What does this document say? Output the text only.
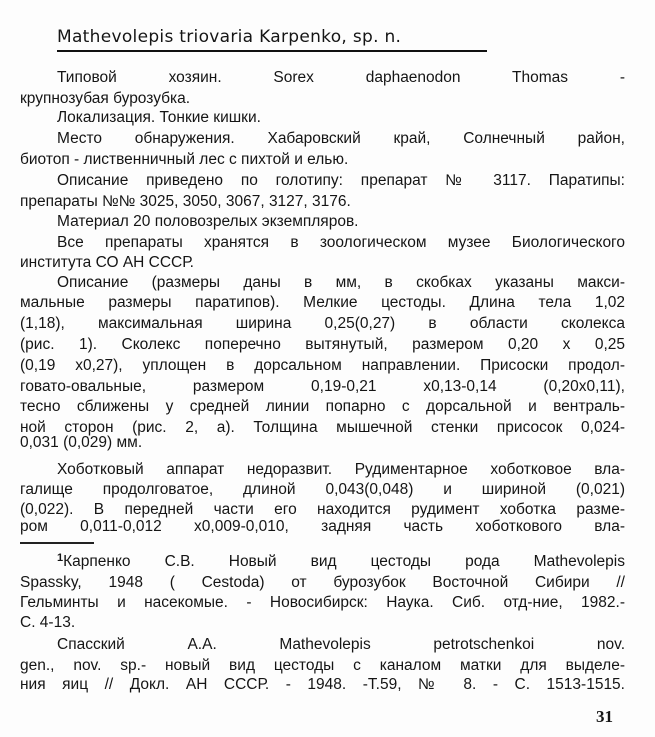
Mathevolepis triovaria Karpenko, sp. n.
Типовой хозяин. Sorex daphaenodon Thomas -
крупнозубая бурозубка.
Локализация. Тонкие кишки.
Место обнаружения. Хабаровский край, Солнечный район,
биотоп - лиственничный лес с пихтой и елью.
Описание приведено по голотипу: препарат № 3117. Паратипы:
препараты №№ 3025, 3050, 3067, 3127, 3176.
Материал 20 половозрелых экземпляров.
Все препараты хранятся в зоологическом музее Биологического
института СО АН СССР.
Описание (размеры даны в мм, в скобках указаны макси-
мальные размеры паратипов). Мелкие цестоды. Длина тела 1,02
(1,18), максимальная ширина 0,25(0,27) в области сколекса
(рис. 1). Сколекс поперечно вытянутый, размером 0,20 x 0,25
(0,19 x0,27), уплощен в дорсальном направлении. Присоски продол-
говато-овальные, размером 0,19-0,21 x0,13-0,14 (0,20x0,11),
тесно сближены у средней линии попарно с дорсальной и вентраль-
ной сторон (рис. 2, а). Толщина мышечной стенки присосок 0,024-
0,031 (0,029) мм.
Хоботковый аппарат недоразвит. Рудиментарное хоботковое вла-
галище продолговатое, длиной 0,043(0,048) и шириной (0,021)
(0,022). В передней части его находится рудимент хоботка разме-
ром 0,011-0,012 x0,009-0,010, задняя часть хоботкового вла-
$^1$Карпенко С.В. Новый вид цестоды рода Mathevolepis
Spassky, 1948 ( Cestoda) от бурозубок Восточной Сибири //
Гельминты и насекомые. - Новосибирск: Наука. Сиб. отд-ние, 1982.-
С. 4-13.
Спасский А.А. Mathevolepis petrotschenkoi nov.
gen., nov. sp.- новый вид цестоды с каналом матки для выделе-
ния яиц // Докл. АН СССР. - 1948. -Т.59, № 8. - С. 1513-1515.
31
